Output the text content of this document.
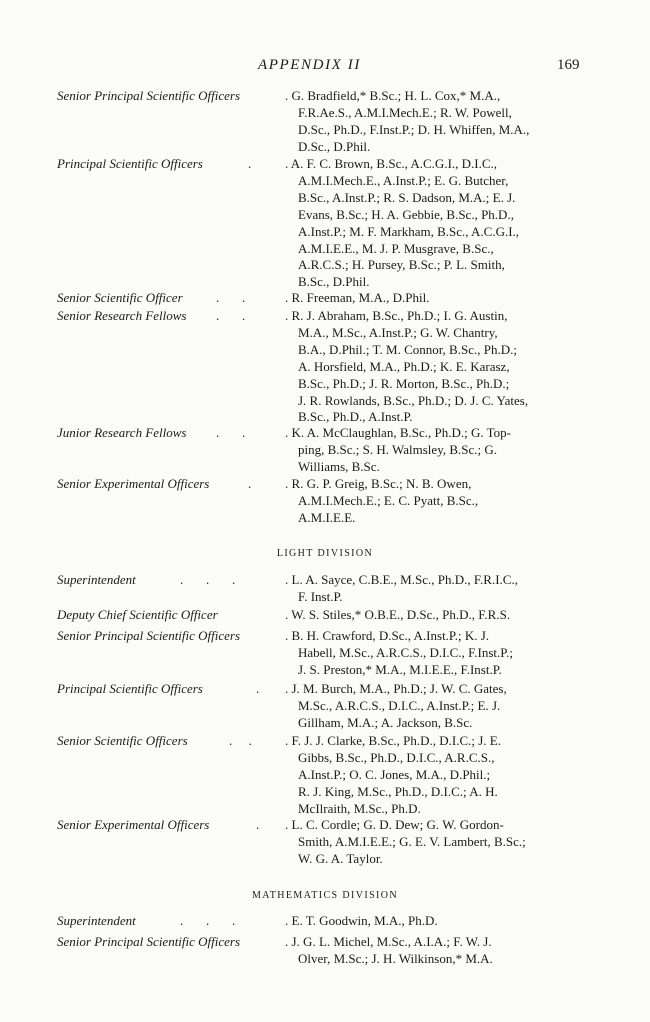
APPENDIX II	169
Senior Principal Scientific Officers	. G. Bradfield,* B.Sc.; H. L. Cox,* M.A.,
F.R.Ae.S., A.M.I.Mech.E.; R. W. Powell,
D.Sc., Ph.D., F.Inst.P.; D. H. Whiffen, M.A.,
D.Sc., D.Phil.
Principal Scientific Officers	.	. A. F. C. Brown, B.Sc., A.C.G.I., D.I.C.,
A.M.I.Mech.E., A.Inst.P.; E. G. Butcher,
B.Sc., A.Inst.P.; R. S. Dadson, M.A.; E. J.
Evans, B.Sc.; H. A. Gebbie, B.Sc., Ph.D.,
A.Inst.P.; M. F. Markham, B.Sc., A.C.G.I.,
A.M.I.E.E., M. J. P. Musgrave, B.Sc.,
A.R.C.S.; H. Pursey, B.Sc.; P. L. Smith,
B.Sc., D.Phil.
Senior Scientific Officer	.       .	. R. Freeman, M.A., D.Phil.
Senior Research Fellows .       .	. R. J. Abraham, B.Sc., Ph.D.; I. G. Austin,
M.A., M.Sc., A.Inst.P.; G. W. Chantry,
B.A., D.Phil.; T. M. Connor, B.Sc., Ph.D.;
A. Horsfield, M.A., Ph.D.; K. E. Karasz,
B.Sc., Ph.D.; J. R. Morton, B.Sc., Ph.D.;
J. R. Rowlands, B.Sc., Ph.D.; D. J. C. Yates,
B.Sc., Ph.D., A.Inst.P.
Junior Research Fellows .       .	. K. A. McClaughlan, B.Sc., Ph.D.; G. Top-
ping, B.Sc.; S. H. Walmsley, B.Sc.; G.
Williams, B.Sc.
Senior Experimental Officers	.	. R. G. P. Greig, B.Sc.; N. B. Owen,
A.M.I.Mech.E.; E. C. Pyatt, B.Sc.,
A.M.I.E.E.
LIGHT DIVISION
Superintendent	.       .       .	. L. A. Sayce, C.B.E., M.Sc., Ph.D., F.R.I.C.,
F. Inst.P.
Deputy Chief Scientific Officer	. W. S. Stiles,* O.B.E., D.Sc., Ph.D., F.R.S.
Senior Principal Scientific Officers	. B. H. Crawford, D.Sc., A.Inst.P.; K. J.
Habell, M.Sc., A.R.C.S., D.I.C., F.Inst.P.;
J. S. Preston,* M.A., M.I.E.E., F.Inst.P.
Principal Scientific Officers	. . J. M. Burch, M.A., Ph.D.; J. W. C. Gates,
M.Sc., A.R.C.S., D.I.C., A.Inst.P.; E. J.
Gillham, M.A.; A. Jackson, B.Sc.
Senior Scientific Officers	.     .	. F. J. J. Clarke, B.Sc., Ph.D., D.I.C.; J. E.
Gibbs, B.Sc., Ph.D., D.I.C., A.R.C.S.,
A.Inst.P.; O. C. Jones, M.A., D.Phil.;
R. J. King, M.Sc., Ph.D., D.I.C.; A. H.
McIlraith, M.Sc., Ph.D.
Senior Experimental Officers	. . L. C. Cordle; G. D. Dew; G. W. Gordon-
Smith, A.M.I.E.E.; G. E. V. Lambert, B.Sc.;
W. G. A. Taylor.
MATHEMATICS DIVISION
Superintendent	.       .       .	. E. T. Goodwin, M.A., Ph.D.
Senior Principal Scientific Officers	. J. G. L. Michel, M.Sc., A.I.A.; F. W. J.
Olver, M.Sc.; J. H. Wilkinson,* M.A.
